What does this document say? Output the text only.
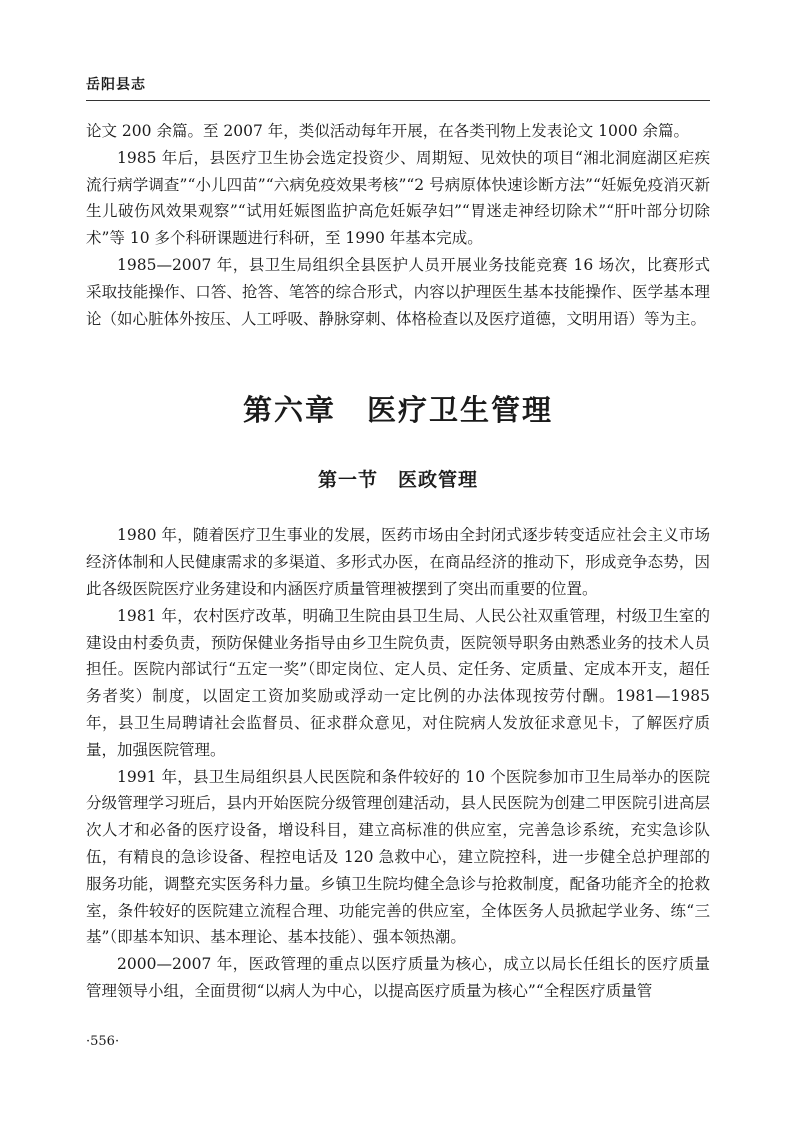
岳阳县志

论文 200 余篇。至 2007 年，类似活动每年开展，在各类刊物上发表论文 1000 余篇。

1985 年后，县医疗卫生协会选定投资少、周期短、见效快的项目“湘北洞庭湖区疟疾流行病学调查”“小儿四苗”“六病免疫效果考核”“2 号病原体快速诊断方法”“妊娠免疫消灭新生儿破伤风效果观察”“试用妊娠图监护高危妊娠孕妇”“胃迷走神经切除术”“肝叶部分切除术”等 10 多个科研课题进行科研，至 1990 年基本完成。

1985—2007 年，县卫生局组织全县医护人员开展业务技能竞赛 16 场次，比赛形式采取技能操作、口答、抢答、笔答的综合形式，内容以护理医生基本技能操作、医学基本理论（如心脏体外按压、人工呼吸、静脉穿刺、体格检查以及医疗道德，文明用语）等为主。

第六章　医疗卫生管理
第一节　医政管理

1980 年，随着医疗卫生事业的发展，医药市场由全封闭式逐步转变适应社会主义市场经济体制和人民健康需求的多渠道、多形式办医，在商品经济的推动下，形成竞争态势，因此各级医院医疗业务建设和内涵医疗质量管理被摆到了突出而重要的位置。

1981 年，农村医疗改革，明确卫生院由县卫生局、人民公社双重管理，村级卫生室的建设由村委负责，预防保健业务指导由乡卫生院负责，医院领导职务由熟悉业务的技术人员担任。医院内部试行“五定一奖”（即定岗位、定人员、定任务、定质量、定成本开支，超任务者奖）制度，以固定工资加奖励或浮动一定比例的办法体现按劳付酬。1981—1985 年，县卫生局聘请社会监督员、征求群众意见，对住院病人发放征求意见卡，了解医疗质量，加强医院管理。

1991 年，县卫生局组织县人民医院和条件较好的 10 个医院参加市卫生局举办的医院分级管理学习班后，县内开始医院分级管理创建活动，县人民医院为创建二甲医院引进高层次人才和必备的医疗设备，增设科目，建立高标准的供应室，完善急诊系统，充实急诊队伍，有精良的急诊设备、程控电话及 120 急救中心，建立院控科，进一步健全总护理部的服务功能，调整充实医务科力量。乡镇卫生院均健全急诊与抢救制度，配备功能齐全的抢救室，条件较好的医院建立流程合理、功能完善的供应室，全体医务人员掀起学业务、练“三基”（即基本知识、基本理论、基本技能）、强本领热潮。

2000—2007 年，医政管理的重点以医疗质量为核心，成立以局长任组长的医疗质量管理领导小组，全面贯彻“以病人为中心，以提高医疗质量为核心”“全程医疗质量管

·556·
